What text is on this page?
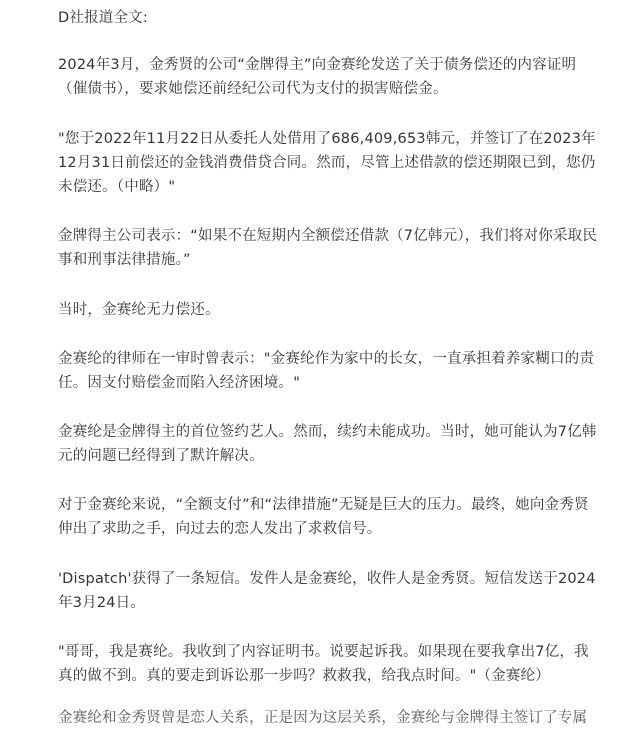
D社报道全文:

2024年3月，金秀贤的公司“金牌得主”向金赛纶发送了关于债务偿还的内容证明（催债书），要求她偿还前经纪公司代为支付的损害赔偿金。

"您于2022年11月22日从委托人处借用了686,409,653韩元，并签订了在2023年12月31日前偿还的金钱消费借贷合同。然而，尽管上述借款的偿还期限已到，您仍未偿还。（中略）"

金牌得主公司表示：“如果不在短期内全额偿还借款（7亿韩元），我们将对你采取民事和刑事法律措施。”

当时，金赛纶无力偿还。

金赛纶的律师在一审时曾表示："金赛纶作为家中的长女，一直承担着养家糊口的责任。因支付赔偿金而陷入经济困境。"

金赛纶是金牌得主的首位签约艺人。然而，续约未能成功。当时，她可能认为7亿韩元的问题已经得到了默许解决。

对于金赛纶来说，“全额支付”和“法律措施”无疑是巨大的压力。最终，她向金秀贤伸出了求助之手，向过去的恋人发出了求救信号。

'Dispatch'获得了一条短信。发件人是金赛纶，收件人是金秀贤。短信发送于2024年3月24日。

"哥哥，我是赛纶。我收到了内容证明书。说要起诉我。如果现在要我拿出7亿，我真的做不到。真的要走到诉讼那一步吗？救救我，给我点时间。"（金赛纶）

金赛纶和金秀贤曾是恋人关系，正是因为这层关系，金赛纶与金牌得主签订了专属
